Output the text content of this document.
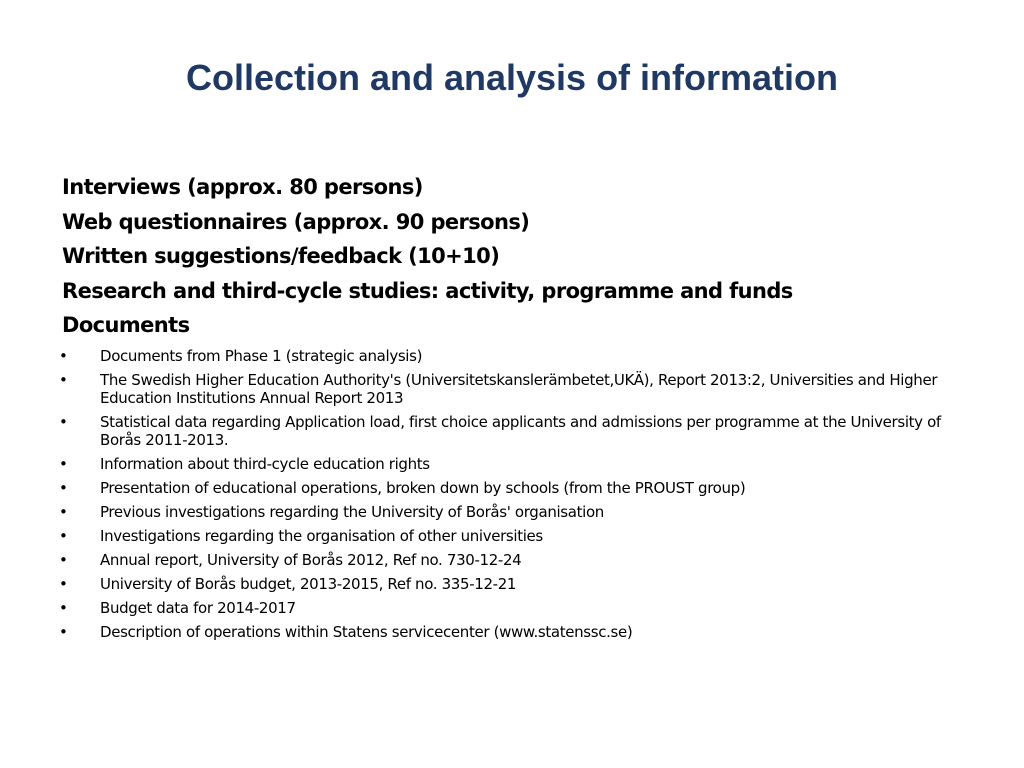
Collection and analysis of information
Interviews (approx. 80 persons)
Web questionnaires (approx. 90 persons)
Written suggestions/feedback (10+10)
Research and third-cycle studies: activity, programme and funds
Documents
• Documents from Phase 1 (strategic analysis)
• The Swedish Higher Education Authority's (Universitetskanslerämbetet,UKÄ), Report 2013:2, Universities and Higher Education Institutions Annual Report 2013
• Statistical data regarding Application load, first choice applicants and admissions per programme at the University of Borås 2011-2013.
• Information about third-cycle education rights
• Presentation of educational operations, broken down by schools (from the PROUST group)
• Previous investigations regarding the University of Borås' organisation
• Investigations regarding the organisation of other universities
• Annual report, University of Borås 2012, Ref no. 730-12-24
• University of Borås budget, 2013-2015, Ref no. 335-12-21
• Budget data for 2014-2017
• Description of operations within Statens servicecenter (www.statenssc.se)
